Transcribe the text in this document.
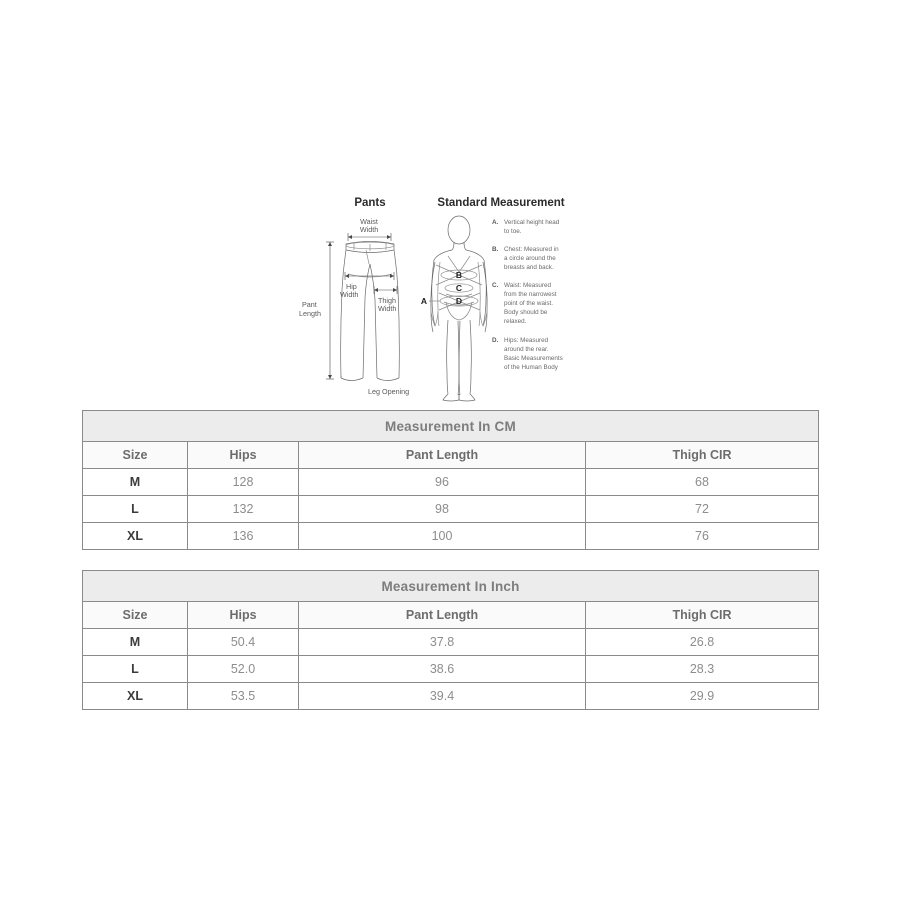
Pants
Waist
Width
Hip
Width
Thigh
Width
Pant
Length
Leg Opening
Standard Measurement
B
C
D
A
A. Vertical height head
to toe.
B. Chest: Measured in
a circle around the
breasts and back.
C. Waist: Measured
from the narrowest
point of the waist.
Body should be
relaxed.
D. Hips: Measured
around the rear.
Basic Measurements
of the Human Body
Measurement In CM			
Size	Hips	Pant Length	Thigh CIR
M	128	96	68
L	132	98	72
XL	136	100	76
Measurement In Inch			
Size	Hips	Pant Length	Thigh CIR
M	50.4	37.8	26.8
L	52.0	38.6	28.3
XL	53.5	39.4	29.9
